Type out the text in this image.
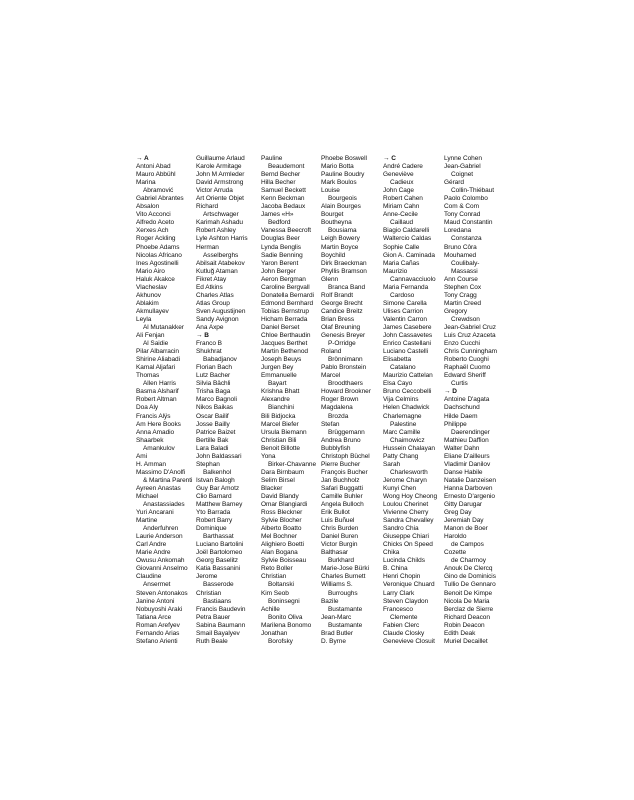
→ A
Antoni Abad
Mauro Abbühl
Marina
Abramović
Gabriel Abrantes
Absalon
Vito Acconci
Alfredo Aceto
Xerxes Ach
Roger Ackling
Phoebe Adams
Nicolas Africano
Ines Agostinelli
Mario Airo
Haluk Akakce
Vlacheslav
Akhunov
Ablakim
Akmullayev
Leyla
Al Mutanakker
Ali Fenjan
Al Saidie
Pilar Albarracin
Shirine Aliabadi
Kamal Aljafari
Thomas
Allen Harris
Basma Alsharif
Robert Altman
Doa Aly
Francis Alÿs
Am Here Books
Anna Amadio
Shaarbek
Amankulov
Ami
H. Amman
Massimo D'Anolfi
& Martina Parenti
Ayreen Anastas
Michael
Anastassiades
Yuri Ancarani
Martine
Anderfuhren
Laurie Anderson
Carl Andre
Marie Andre
Owusu Ankomah
Giovanni Anselmo
Claudine
Ansermet
Steven Antonakos
Janine Antoni
Nobuyoshi Araki
Tatiana Arce
Roman Arefyev
Fernando Arias
Stefano Arienti
Guillaume Arlaud
Karole Armitage
John M Armleder
David Armstrong
Victor Arruda
Art Oriente Objet
Richard
Artschwager
Karimah Ashadu
Robert Ashley
Lyle Ashton Harris
Herman
Asselberghs
Abilsait Atabekov
Kutluğ Ataman
Fikret Atay
Ed Atkins
Charles Atlas
Atlas Group
Sven Augustijnen
Sandy Avignon
Ana Axpe
→ B
Franco B
Shukhrat
Babadjanov
Florian Bach
Lutz Bacher
Silvia Bächli
Trisha Baga
Marco Bagnoli
Nikos Baikas
Oscar Bailif
Josse Bailly
Patrice Baizet
Bertille Bak
Lara Baladi
John Baldassari
Stephan
Balkenhol
Istvan Balogh
Guy Bar Amotz
Clio Barnard
Matthew Barney
Yto Barrada
Robert Barry
Dominique
Barthassat
Luciano Bartolini
Joël Bartolomeo
Georg Baselitz
Katia Bassanini
Jerome
Basserode
Christian
Bastiaans
Francis Baudevin
Petra Bauer
Sabina Baumann
Smail Bayalyev
Ruth Beale
Pauline
Beaudemont
Bernd Becher
Hilla Becher
Samuel Beckett
Kenn Beckman
Jacoba Bedaux
James «H»
Bedford
Vanessa Beecroft
Douglas Beer
Lynda Benglis
Sadie Benning
Yaron Berent
John Berger
Aeron Bergman
Caroline Bergvall
Donatella Bernardi
Edmond Bernhard
Tobias Bernstrup
Hicham Berrada
Daniel Berset
Chloe Berthaudin
Jacques Berthet
Martin Bethenod
Joseph Beuys
Jurgen Bey
Emmanuelle
Bayart
Krishna Bhatt
Alexandre
Bianchini
Bili Bidjocka
Marcel Biefer
Ursula Biemann
Christian Bili
Benoit Billotte
Yona
Birker-Chavanne
Dara Birnbaum
Selim Birsel
Blacker
David Blandy
Omar Blangiardi
Ross Bleckner
Sylvie Blocher
Alberto Boatto
Mel Bochner
Alighiero Boetti
Alan Bogana
Sylvie Boisseau
Reto Boller
Christian
Boltanski
Kim Seob
Boninsegni
Achille
Bonito Oliva
Marilena Bonomo
Jonathan
Borofsky
Phoebe Boswell
Mario Botta
Pauline Boudry
Mark Boulos
Louise
Bourgeois
Alain Bourges
Bourget
Boutheyna
Bousiama
Leigh Bowery
Martin Boyce
Boychild
Dirk Braeckman
Phyllis Bramson
Glenn
Branca Band
Rolf Brandt
George Brecht
Candice Breitz
Brian Bress
Olaf Breuning
Genesis Breyer
P-Orridge
Roland
Brönnimann
Pablo Bronstein
Marcel
Broodthaers
Howard Brookner
Roger Brown
Magdalena
Brozda
Stefan
Brüggemann
Andrea Bruno
Bubblyfish
Christoph Büchel
Pierre Bucher
François Bucher
Jan Buchholz
Safari Buggatti
Camille Buhler
Angela Bulloch
Erik Bullot
Luis Buñuel
Chris Burden
Daniel Buren
Victor Burgin
Balthasar
Burkhard
Marie-Jose Bürki
Charles Burnett
Williams S.
Burroughs
Bazile
Bustamante
Jean-Marc
Bustamante
Brad Butler
D. Byrne
→ C
André Cadere
Geneviève
Cadieux
John Cage
Robert Cahen
Miriam Cahn
Anne-Cecile
Caillaud
Biagio Caldarelli
Waltercio Caldas
Sophie Calle
Gion A. Caminada
Maria Cañas
Maurizio
Cannavacciuolo
Maria Fernanda
Cardoso
Simone Carella
Ulises Carrion
Valentin Carron
James Casebere
John Cassavetes
Enrico Castellani
Luciano Castelli
Elisabetta
Catalano
Maurizio Cattelan
Elsa Cayo
Bruno Ceccobelli
Vija Celmins
Helen Chadwick
Charlemagne
Palestine
Marc Camille
Chaimowicz
Hussein Chalayan
Patty Chang
Sarah
Charlesworth
Jerome Charyn
Kunyi Chen
Wong Hoy Cheong
Loulou Cherinet
Vivienne Cherry
Sandra Chevalley
Sandro Chia
Giuseppe Chiari
Chicks On Speed
Chika
Lucinda Childs
B. China
Henri Chopin
Veronique Chuard
Larry Clark
Steven Claydon
Francesco
Clemente
Fabien Clerc
Claude Closky
Genevieve Closuit
Lynne Cohen
Jean-Gabriel
Coignet
Gérard
Collin-Thiébaut
Paolo Colombo
Com & Com
Tony Conrad
Maud Constantin
Loredana
Constanza
Bruno Côra
Mouhamed
Coulibaly-
Massassi
Ann Course
Stephen Cox
Tony Cragg
Martin Creed
Gregory
Crewdson
Jean-Gabriel Cruz
Luis Cruz Azaceta
Enzo Cucchi
Chris Cunningham
Roberto Cuoghi
Raphaël Cuomo
Edward Sheriff
Curtis
→ D
Antoine D'agata
Dachschund
Hilde Daem
Philippe
Daerendinger
Mathieu Daffion
Walter Dahn
Eliane D'ailleurs
Vladimir Danilov
Danse Habile
Natalie Danzeisen
Hanna Darboven
Ernesto D'argenio
Gitty Darugar
Greg Day
Jeremiah Day
Manon de Boer
Haroldo
de Campos
Cozette
de Charmoy
Anouk De Clercq
Gino de Dominicis
Tullio De Gennaro
Benoit De Kimpe
Nicola De Maria
Berclaz de Sierre
Richard Deacon
Robin Deacon
Edith Deak
Muriel Decaillet
